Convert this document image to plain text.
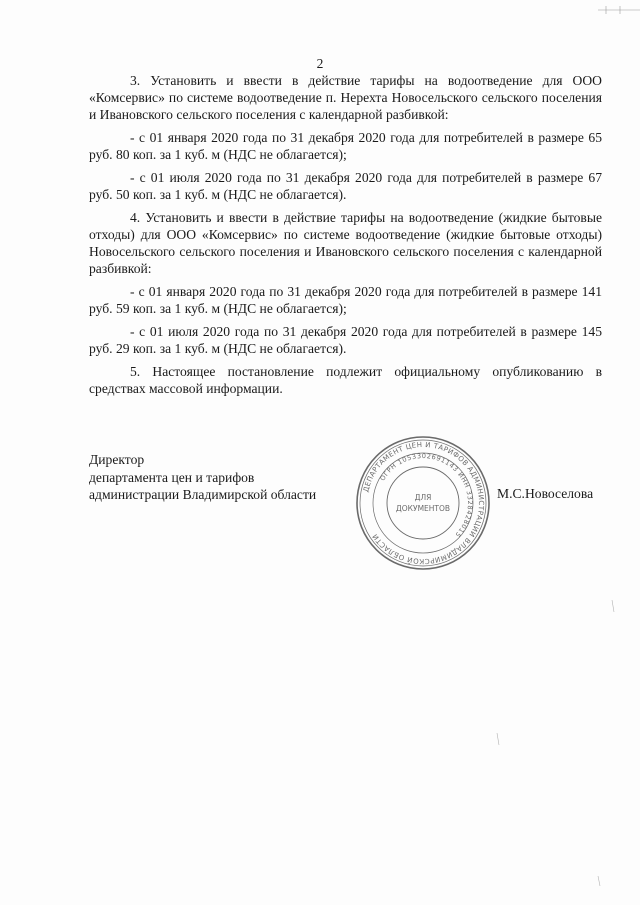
2

3. Установить и ввести в действие тарифы на водоотведение для ООО «Комсервис» по системе водоотведение п. Нерехта Новосельского сельского поселения и Ивановского сельского поселения с календарной разбивкой:

- с 01 января 2020 года по 31 декабря 2020 года для потребителей в размере 65 руб. 80 коп. за 1 куб. м (НДС не облагается);

- с 01 июля 2020 года по 31 декабря 2020 года для потребителей в размере 67 руб. 50 коп. за 1 куб. м (НДС не облагается).

4. Установить и ввести в действие тарифы на водоотведение (жидкие бытовые отходы) для ООО «Комсервис» по системе водоотведение (жидкие бытовые отходы) Новосельского сельского поселения и Ивановского сельского поселения с календарной разбивкой:

- с 01 января 2020 года по 31 декабря 2020 года для потребителей в размере 141 руб. 59 коп. за 1 куб. м (НДС не облагается);

- с 01 июля 2020 года по 31 декабря 2020 года для потребителей в размере 145 руб. 29 коп. за 1 куб. м (НДС не облагается).

5. Настоящее постановление подлежит официальному опубликованию в средствах массовой информации.

Директор
департамента цен и тарифов
администрации Владимирской области	ДЕПАРТАМЕНТ ЦЕН И ТАРИФОВ АДМИНИСТРАЦИИ ВЛАДИМИРСКОЙ ОБЛАСТИ
ОГРН 1053302691143 ИНН 3328428015
ДЛЯ
ДОКУМЕНТОВ
М.С.Новоселова
